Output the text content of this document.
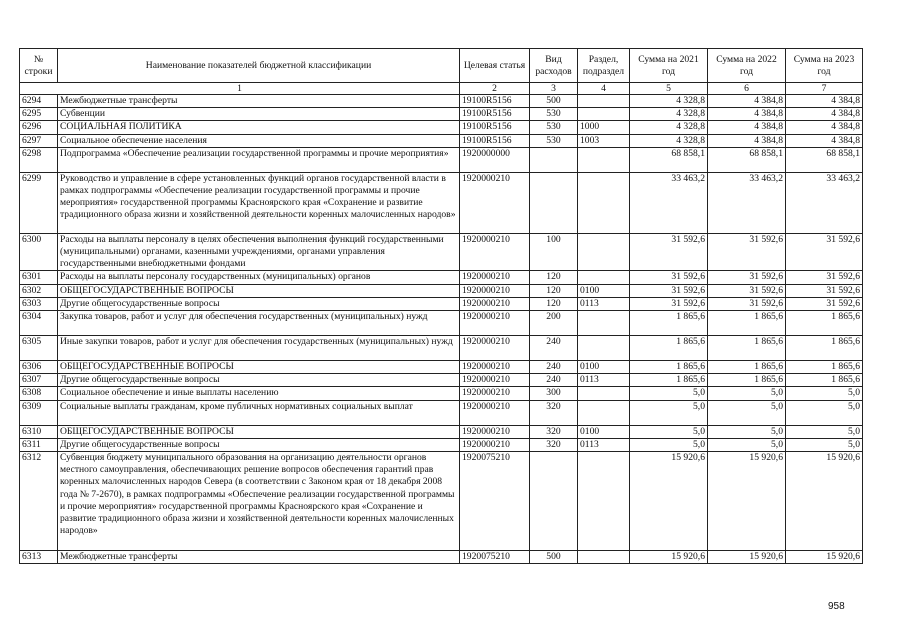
№ строки	Наименование показателей бюджетной классификации	Целевая статья	Вид расходов	Раздел, подраздел	Сумма на 2021 год	Сумма на 2022 год	Сумма на 2023 год
1		2	3	4	5	6	7
6294	Межбюджетные трансферты	19100R5156	500		4 328,8	4 384,8	4 384,8
6295	Субвенции	19100R5156	530		4 328,8	4 384,8	4 384,8
6296	СОЦИАЛЬНАЯ ПОЛИТИКА	19100R5156	530	1000	4 328,8	4 384,8	4 384,8
6297	Социальное обеспечение населения	19100R5156	530	1003	4 328,8	4 384,8	4 384,8
6298	Подпрограмма «Обеспечение реализации государственной программы и прочие мероприятия»	1920000000			68 858,1	68 858,1	68 858,1
6299	Руководство и управление в сфере установленных функций органов государственной власти в рамках подпрограммы «Обеспечение реализации государственной программы и прочие мероприятия» государственной программы Красноярского края «Сохранение и развитие традиционного образа жизни и хозяйственной деятельности коренных малочисленных народов»	1920000210			33 463,2	33 463,2	33 463,2
6300	Расходы на выплаты персоналу в целях обеспечения выполнения функций государственными (муниципальными) органами, казенными учреждениями, органами управления государственными внебюджетными фондами	1920000210	100		31 592,6	31 592,6	31 592,6
6301	Расходы на выплаты персоналу государственных (муниципальных) органов	1920000210	120		31 592,6	31 592,6	31 592,6
6302	ОБЩЕГОСУДАРСТВЕННЫЕ ВОПРОСЫ	1920000210	120	0100	31 592,6	31 592,6	31 592,6
6303	Другие общегосударственные вопросы	1920000210	120	0113	31 592,6	31 592,6	31 592,6
6304	Закупка товаров, работ и услуг для обеспечения государственных (муниципальных) нужд	1920000210	200		1 865,6	1 865,6	1 865,6
6305	Иные закупки товаров, работ и услуг для обеспечения государственных (муниципальных) нужд	1920000210	240		1 865,6	1 865,6	1 865,6
6306	ОБЩЕГОСУДАРСТВЕННЫЕ ВОПРОСЫ	1920000210	240	0100	1 865,6	1 865,6	1 865,6
6307	Другие общегосударственные вопросы	1920000210	240	0113	1 865,6	1 865,6	1 865,6
6308	Социальное обеспечение и иные выплаты населению	1920000210	300		5,0	5,0	5,0
6309	Социальные выплаты гражданам, кроме публичных нормативных социальных выплат	1920000210	320		5,0	5,0	5,0
6310	ОБЩЕГОСУДАРСТВЕННЫЕ ВОПРОСЫ	1920000210	320	0100	5,0	5,0	5,0
6311	Другие общегосударственные вопросы	1920000210	320	0113	5,0	5,0	5,0
6312	Субвенция бюджету муниципального образования на организацию деятельности органов местного самоуправления, обеспечивающих решение вопросов обеспечения гарантий прав коренных малочисленных народов Севера (в соответствии с Законом края от 18 декабря 2008 года № 7-2670), в рамках подпрограммы «Обеспечение реализации государственной программы и прочие мероприятия» государственной программы Красноярского края «Сохранение и развитие традиционного образа жизни и хозяйственной деятельности коренных малочисленных народов»	1920075210			15 920,6	15 920,6	15 920,6
6313	Межбюджетные трансферты	1920075210	500		15 920,6	15 920,6	15 920,6
958
